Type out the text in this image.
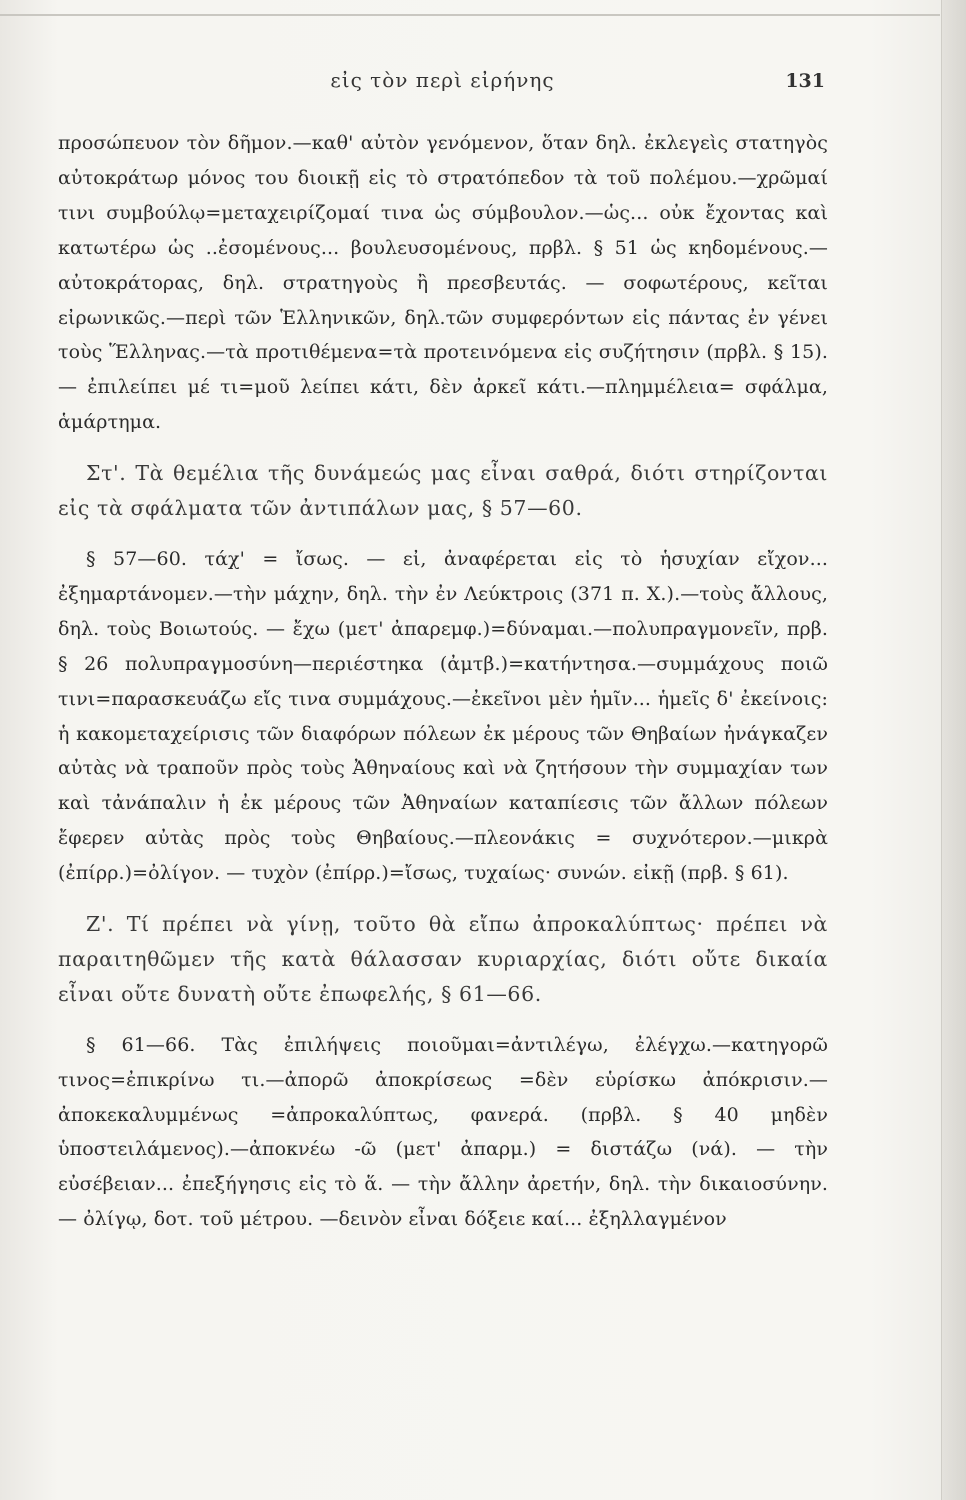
εἰς τὸν περὶ εἰρήνης	131

προσώπευον τὸν δῆμον.—καθ' αὐτὸν γενόμενον, ὅταν δηλ. ἐκλεγεὶς στατηγὸς αὐτοκράτωρ μόνος του διοικῇ εἰς τὸ στρατόπεδον τὰ τοῦ πολέμου.—χρῶμαί τινι συμβούλῳ=μεταχειρίζομαί τινα ὡς σύμβουλον.—ὡς... οὐκ ἔχοντας καὶ κατωτέρω ὡς ..ἐσομένους... βουλευσομένους, πρβλ. § 51 ὡς κηδομένους.—αὐτοκράτορας, δηλ. στρατηγοὺς ἢ πρεσβευτάς. — σοφωτέρους, κεῖται εἰρωνικῶς.—περὶ τῶν Ἑλληνικῶν, δηλ.τῶν συμφερόντων εἰς πάντας ἐν γένει τοὺς Ἕλληνας.—τὰ προτιθέμενα=τὰ προτεινόμενα εἰς συζήτησιν (πρβλ. § 15). — ἐπιλείπει μέ τι=μοῦ λείπει κάτι, δὲν ἀρκεῖ κάτι.—πλημμέλεια= σφάλμα, ἁμάρτημα.

Στ'. Τὰ θεμέλια τῆς δυνάμεώς μας εἶναι σαθρά, διότι στηρίζονται εἰς τὰ σφάλματα τῶν ἀντιπάλων μας, § 57—60.

§ 57—60. τάχ' = ἴσως. — εἰ, ἀναφέρεται εἰς τὸ ἡσυχίαν εἴχον... ἐξημαρτάνομεν.—τὴν μάχην, δηλ. τὴν ἐν Λεύκτροις (371 π. Χ.).—τοὺς ἄλλους, δηλ. τοὺς Βοιωτούς. — ἔχω (μετ' ἀπαρεμφ.)=δύναμαι.—πολυπραγμονεῖν, πρβ. § 26 πολυπραγμοσύνη—περιέστηκα (ἀμτβ.)=κατήντησα.—συμμάχους ποιῶ τινι=παρασκευάζω εἴς τινα συμμάχους.—ἐκεῖνοι μὲν ἡμῖν... ἡμεῖς δ' ἐκείνοις: ἡ κακομεταχείρισις τῶν διαφόρων πόλεων ἐκ μέρους τῶν Θηβαίων ἠνάγκαζεν αὐτὰς νὰ τραποῦν πρὸς τοὺς Ἀθηναίους καὶ νὰ ζητήσουν τὴν συμμαχίαν των καὶ τἀνάπαλιν ἡ ἐκ μέρους τῶν Ἀθηναίων καταπίεσις τῶν ἄλλων πόλεων ἔφερεν αὐτὰς πρὸς τοὺς Θηβαίους.—πλεονάκις = συχνότερον.—μικρὰ (ἐπίρρ.)=ὀλίγον. — τυχὸν (ἐπίρρ.)=ἴσως, τυχαίως· συνών. εἰκῇ (πρβ. § 61).

Ζ'. Τί πρέπει νὰ γίνῃ, τοῦτο θὰ εἴπω ἀπροκαλύπτως· πρέπει νὰ παραιτηθῶμεν τῆς κατὰ θάλασσαν κυριαρχίας, διότι οὔτε δικαία εἶναι οὔτε δυνατὴ οὔτε ἐπωφελής, § 61—66.

§ 61—66. Τὰς ἐπιλήψεις ποιοῦμαι=ἀντιλέγω, ἐλέγχω.—κατηγορῶ τινος=ἐπικρίνω τι.—ἀπορῶ ἀποκρίσεως =δὲν εὑρίσκω ἀπόκρισιν.—ἀποκεκαλυμμένως =ἀπροκαλύπτως, φανερά. (πρβλ. § 40 μηδὲν ὑποστειλάμενος).—ἀποκνέω -ῶ (μετ' ἀπαρμ.) = διστάζω (νά). — τὴν εὐσέβειαν... ἐπεξήγησις εἰς τὸ ἅ. — τὴν ἄλλην ἀρετήν, δηλ. τὴν δικαιοσύνην. — ὀλίγῳ, δοτ. τοῦ μέτρου. —δεινὸν εἶναι δόξειε καί... ἐξηλλαγμένον
